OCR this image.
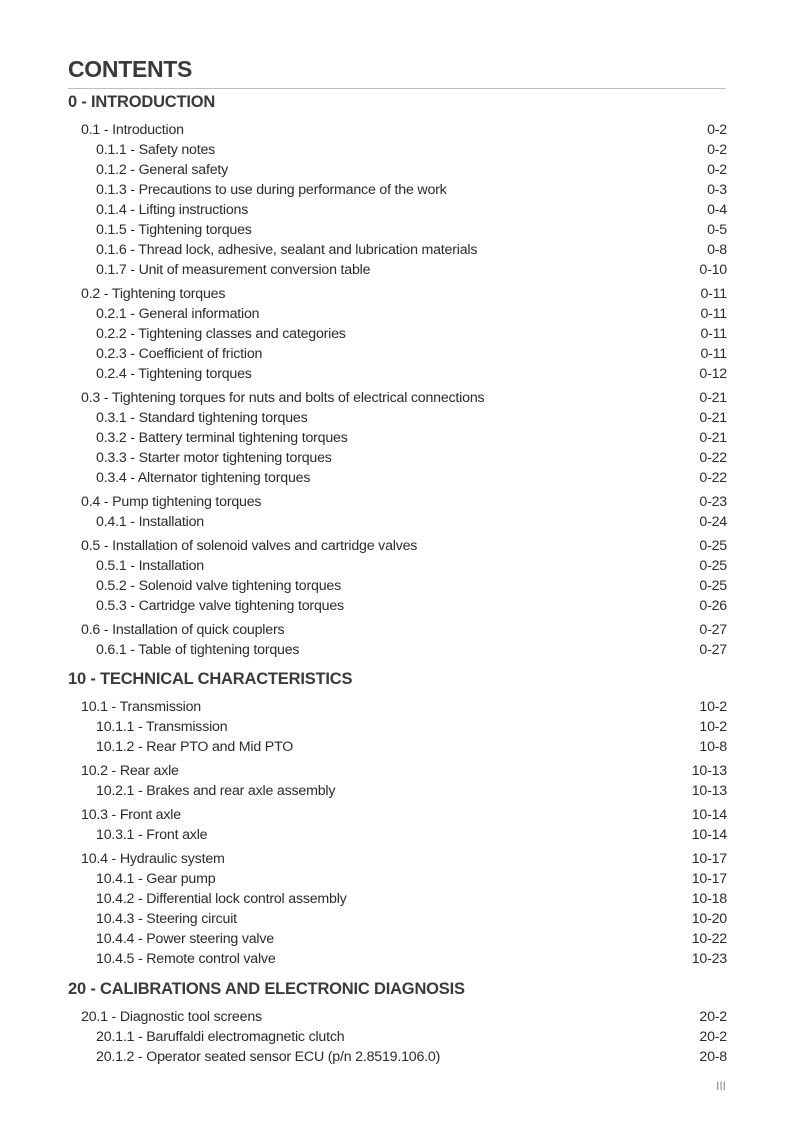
CONTENTS
0 - INTRODUCTION
0.1 - Introduction	0-2
0.1.1 - Safety notes	0-2
0.1.2 - General safety	0-2
0.1.3 - Precautions to use during performance of the work	0-3
0.1.4 - Lifting instructions	0-4
0.1.5 - Tightening torques	0-5
0.1.6 - Thread lock, adhesive, sealant and lubrication materials	0-8
0.1.7 - Unit of measurement conversion table	0-10
0.2 - Tightening torques	0-11
0.2.1 - General information	0-11
0.2.2 - Tightening classes and categories	0-11
0.2.3 - Coefficient of friction	0-11
0.2.4 - Tightening torques	0-12
0.3 - Tightening torques for nuts and bolts of electrical connections	0-21
0.3.1 - Standard tightening torques	0-21
0.3.2 - Battery terminal tightening torques	0-21
0.3.3 - Starter motor tightening torques	0-22
0.3.4 - Alternator tightening torques	0-22
0.4 - Pump tightening torques	0-23
0.4.1 - Installation	0-24
0.5 - Installation of solenoid valves and cartridge valves	0-25
0.5.1 - Installation	0-25
0.5.2 - Solenoid valve tightening torques	0-25
0.5.3 - Cartridge valve tightening torques	0-26
0.6 - Installation of quick couplers	0-27
0.6.1 - Table of tightening torques	0-27
10 - TECHNICAL CHARACTERISTICS
10.1 - Transmission	10-2
10.1.1 - Transmission	10-2
10.1.2 - Rear PTO and Mid PTO	10-8
10.2 - Rear axle	10-13
10.2.1 - Brakes and rear axle assembly	10-13
10.3 - Front axle	10-14
10.3.1 - Front axle	10-14
10.4 - Hydraulic system	10-17
10.4.1 - Gear pump	10-17
10.4.2 - Differential lock control assembly	10-18
10.4.3 - Steering circuit	10-20
10.4.4 - Power steering valve	10-22
10.4.5 - Remote control valve	10-23
20 - CALIBRATIONS AND ELECTRONIC DIAGNOSIS
20.1 - Diagnostic tool screens	20-2
20.1.1 - Baruffaldi electromagnetic clutch	20-2
20.1.2 - Operator seated sensor ECU (p/n 2.8519.106.0)	20-8
III
